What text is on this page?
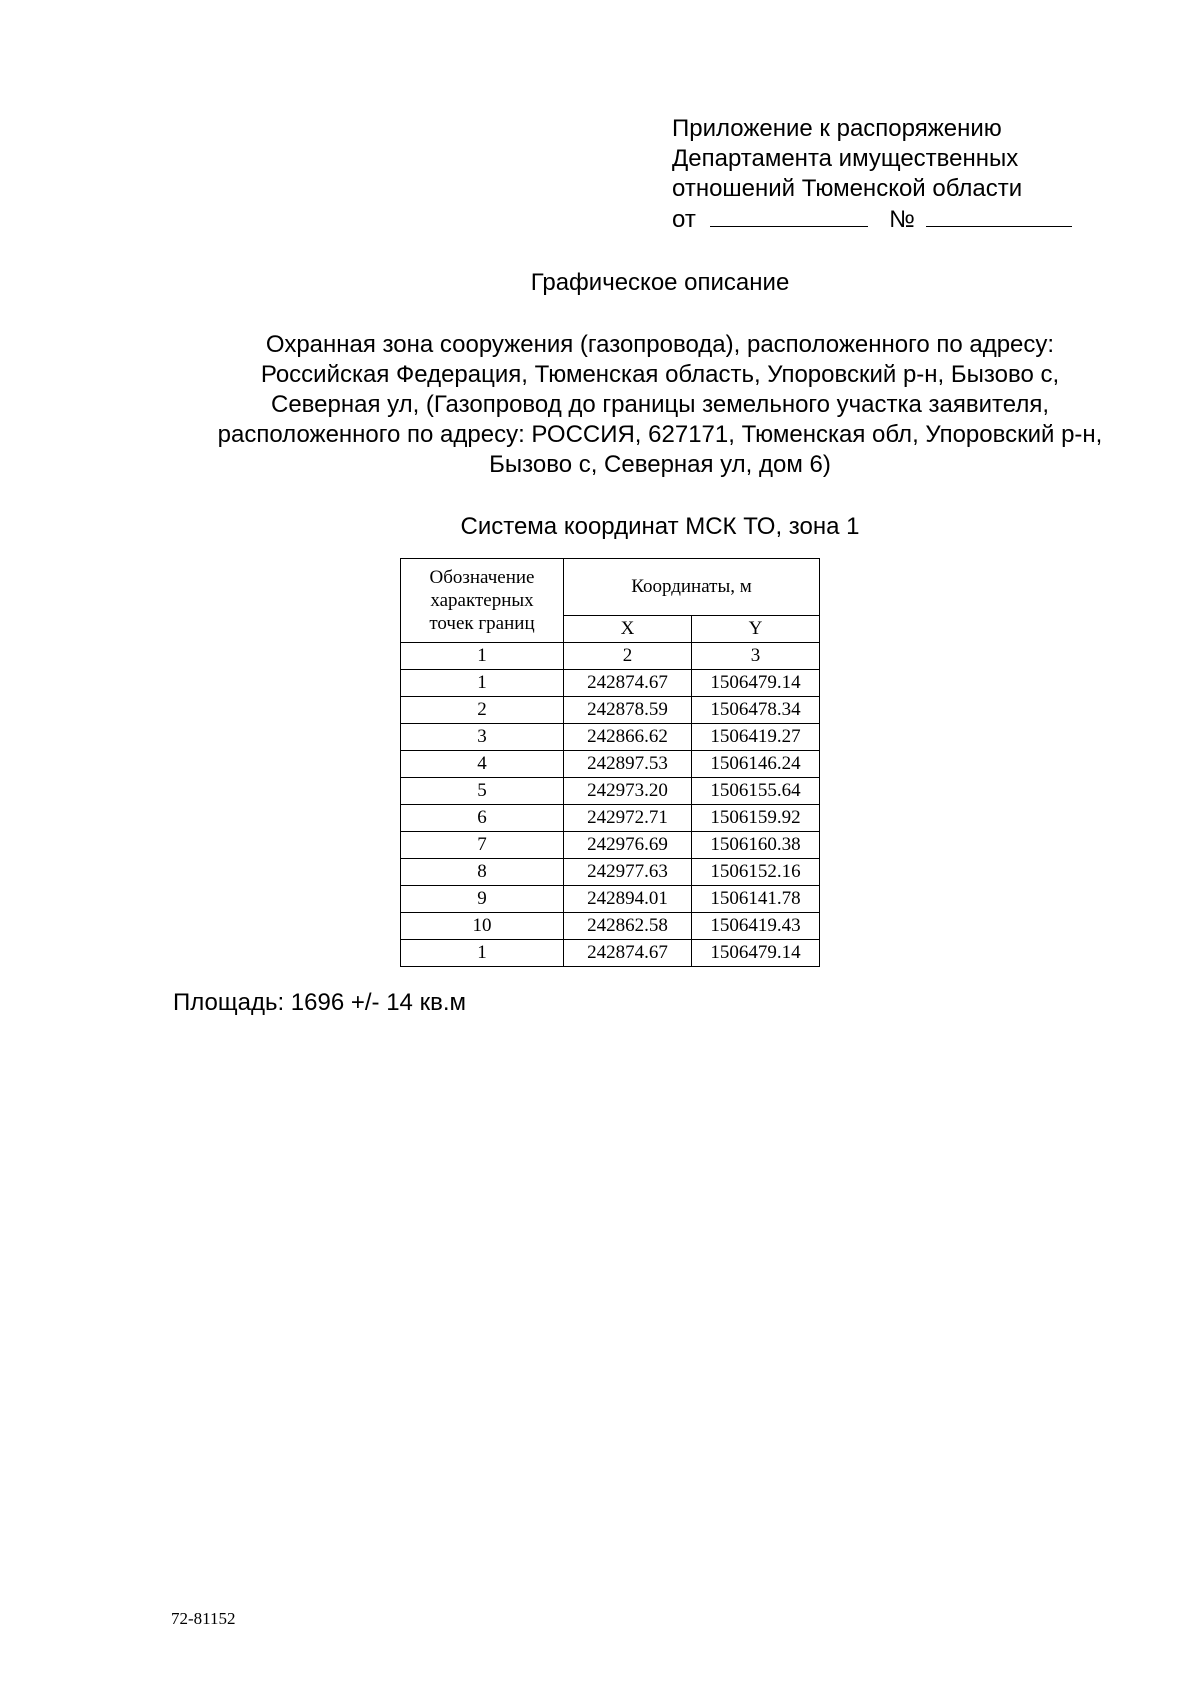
Приложение к распоряжению
Департамента имущественных
отношений Тюменской области
от	№
Графическое описание
Охранная зона сооружения (газопровода), расположенного по адресу:
Российская Федерация, Тюменская область, Упоровский р-н, Бызово с,
Северная ул, (Газопровод до границы земельного участка заявителя,
расположенного по адресу: РОССИЯ, 627171, Тюменская обл, Упоровский р-н,
Бызово с, Северная ул, дом 6)
Система координат МСК ТО, зона 1
Обозначение
характерных
точек границ	Координаты, м	
	X	Y
1	2	3
1	242874.67	1506479.14
2	242878.59	1506478.34
3	242866.62	1506419.27
4	242897.53	1506146.24
5	242973.20	1506155.64
6	242972.71	1506159.92
7	242976.69	1506160.38
8	242977.63	1506152.16
9	242894.01	1506141.78
10	242862.58	1506419.43
1	242874.67	1506479.14
Площадь: 1696 +/- 14 кв.м
72-81152
